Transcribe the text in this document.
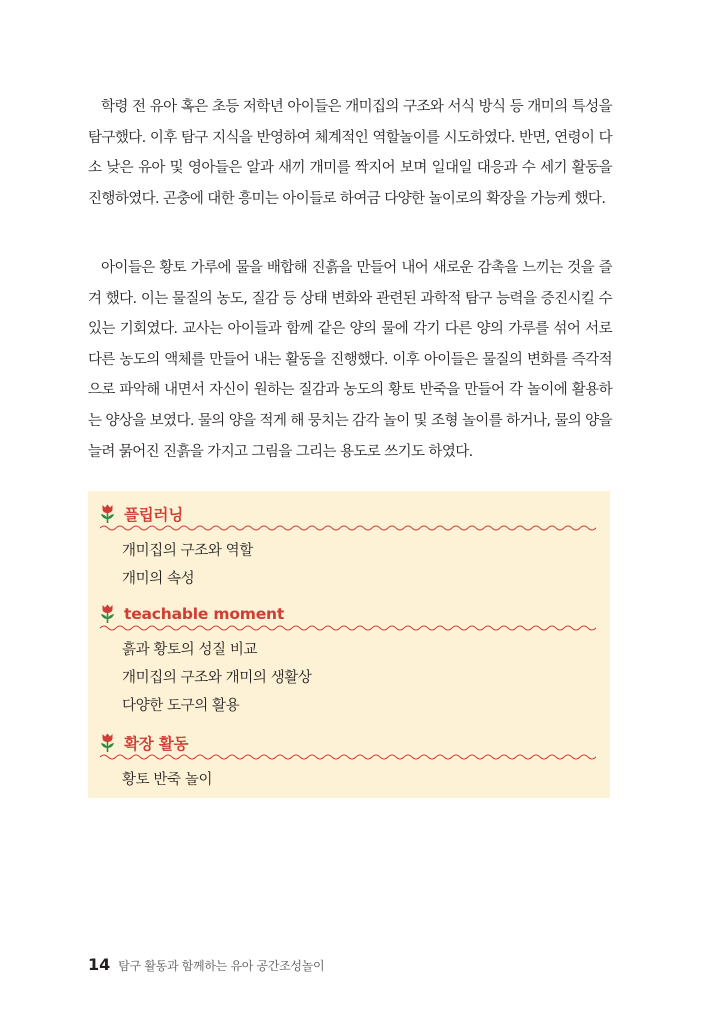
학령 전 유아 혹은 초등 저학년 아이들은 개미집의 구조와 서식 방식 등 개미의 특성을 탐구했다. 이후 탐구 지식을 반영하여 체계적인 역할놀이를 시도하였다. 반면, 연령이 다소 낮은 유아 및 영아들은 알과 새끼 개미를 짝지어 보며 일대일 대응과 수 세기 활동을 진행하였다. 곤충에 대한 흥미는 아이들로 하여금 다양한 놀이로의 확장을 가능케 했다.

아이들은 황토 가루에 물을 배합해 진흙을 만들어 내어 새로운 감촉을 느끼는 것을 즐겨 했다. 이는 물질의 농도, 질감 등 상태 변화와 관련된 과학적 탐구 능력을 증진시킬 수 있는 기회였다. 교사는 아이들과 함께 같은 양의 물에 각기 다른 양의 가루를 섞어 서로 다른 농도의 액체를 만들어 내는 활동을 진행했다. 이후 아이들은 물질의 변화를 즉각적으로 파악해 내면서 자신이 원하는 질감과 농도의 황토 반죽을 만들어 각 놀이에 활용하는 양상을 보였다. 물의 양을 적게 해 뭉치는 감각 놀이 및 조형 놀이를 하거나, 물의 양을 늘려 묽어진 진흙을 가지고 그림을 그리는 용도로 쓰기도 하였다.

플립러닝
개미집의 구조와 역할
개미의 속성
teachable moment
흙과 황토의 성질 비교
개미집의 구조와 개미의 생활상
다양한 도구의 활용
확장 활동
황토 반죽 놀이
14 탐구 활동과 함께하는 유아 공간조성놀이
